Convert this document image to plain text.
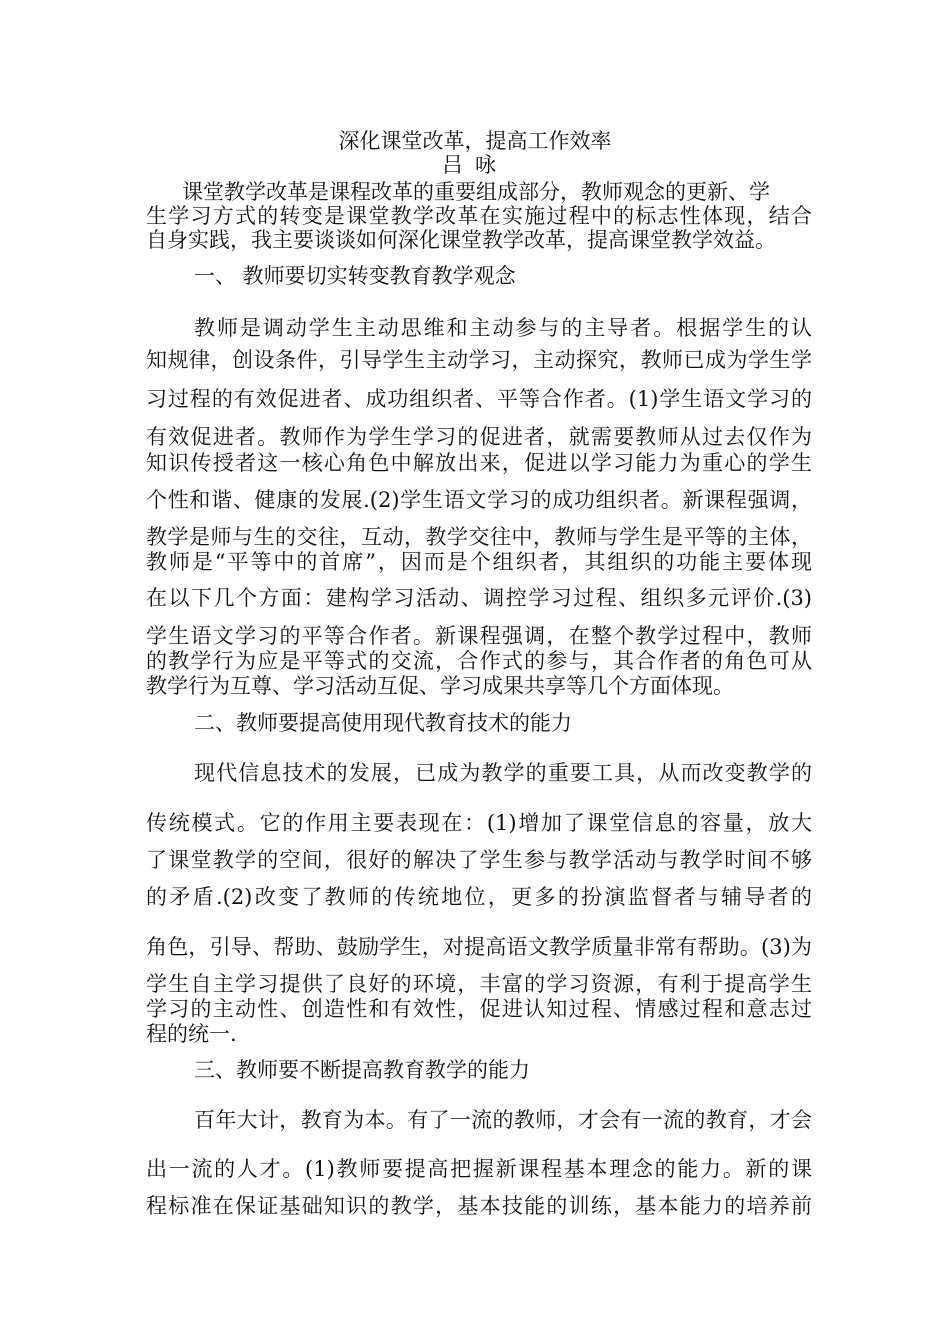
深化课堂改革，提高工作效率
吕咏
课堂教学改革是课程改革的重要组成部分，教师观念的更新、学
生学习方式的转变是课堂教学改革在实施过程中的标志性体现，结合
自身实践，我主要谈谈如何深化课堂教学改革，提高课堂教学效益。
一、 教师要切实转变教育教学观念
教师是调动学生主动思维和主动参与的主导者。根据学生的认
知规律，创设条件，引导学生主动学习，主动探究，教师已成为学生学
习过程的有效促进者、成功组织者、平等合作者。(1)学生语文学习的
有效促进者。教师作为学生学习的促进者，就需要教师从过去仅作为
知识传授者这一核心角色中解放出来，促进以学习能力为重心的学生
个性和谐、健康的发展.(2)学生语文学习的成功组织者。新课程强调，
教学是师与生的交往，互动，教学交往中，教师与学生是平等的主体，
教师是“平等中的首席”，因而是个组织者，其组织的功能主要体现
在以下几个方面：建构学习活动、调控学习过程、组织多元评价.(3)
学生语文学习的平等合作者。新课程强调，在整个教学过程中，教师
的教学行为应是平等式的交流，合作式的参与，其合作者的角色可从
教学行为互尊、学习活动互促、学习成果共享等几个方面体现。
二、教师要提高使用现代教育技术的能力
现代信息技术的发展，已成为教学的重要工具，从而改变教学的
传统模式。它的作用主要表现在：(1)增加了课堂信息的容量，放大
了课堂教学的空间，很好的解决了学生参与教学活动与教学时间不够
的矛盾.(2)改变了教师的传统地位，更多的扮演监督者与辅导者的
角色，引导、帮助、鼓励学生，对提高语文教学质量非常有帮助。(3)为
学生自主学习提供了良好的环境，丰富的学习资源，有利于提高学生
学习的主动性、创造性和有效性，促进认知过程、情感过程和意志过
程的统一.
三、教师要不断提高教育教学的能力
百年大计，教育为本。有了一流的教师，才会有一流的教育，才会
出一流的人才。(1)教师要提高把握新课程基本理念的能力。新的课
程标准在保证基础知识的教学，基本技能的训练，基本能力的培养前
